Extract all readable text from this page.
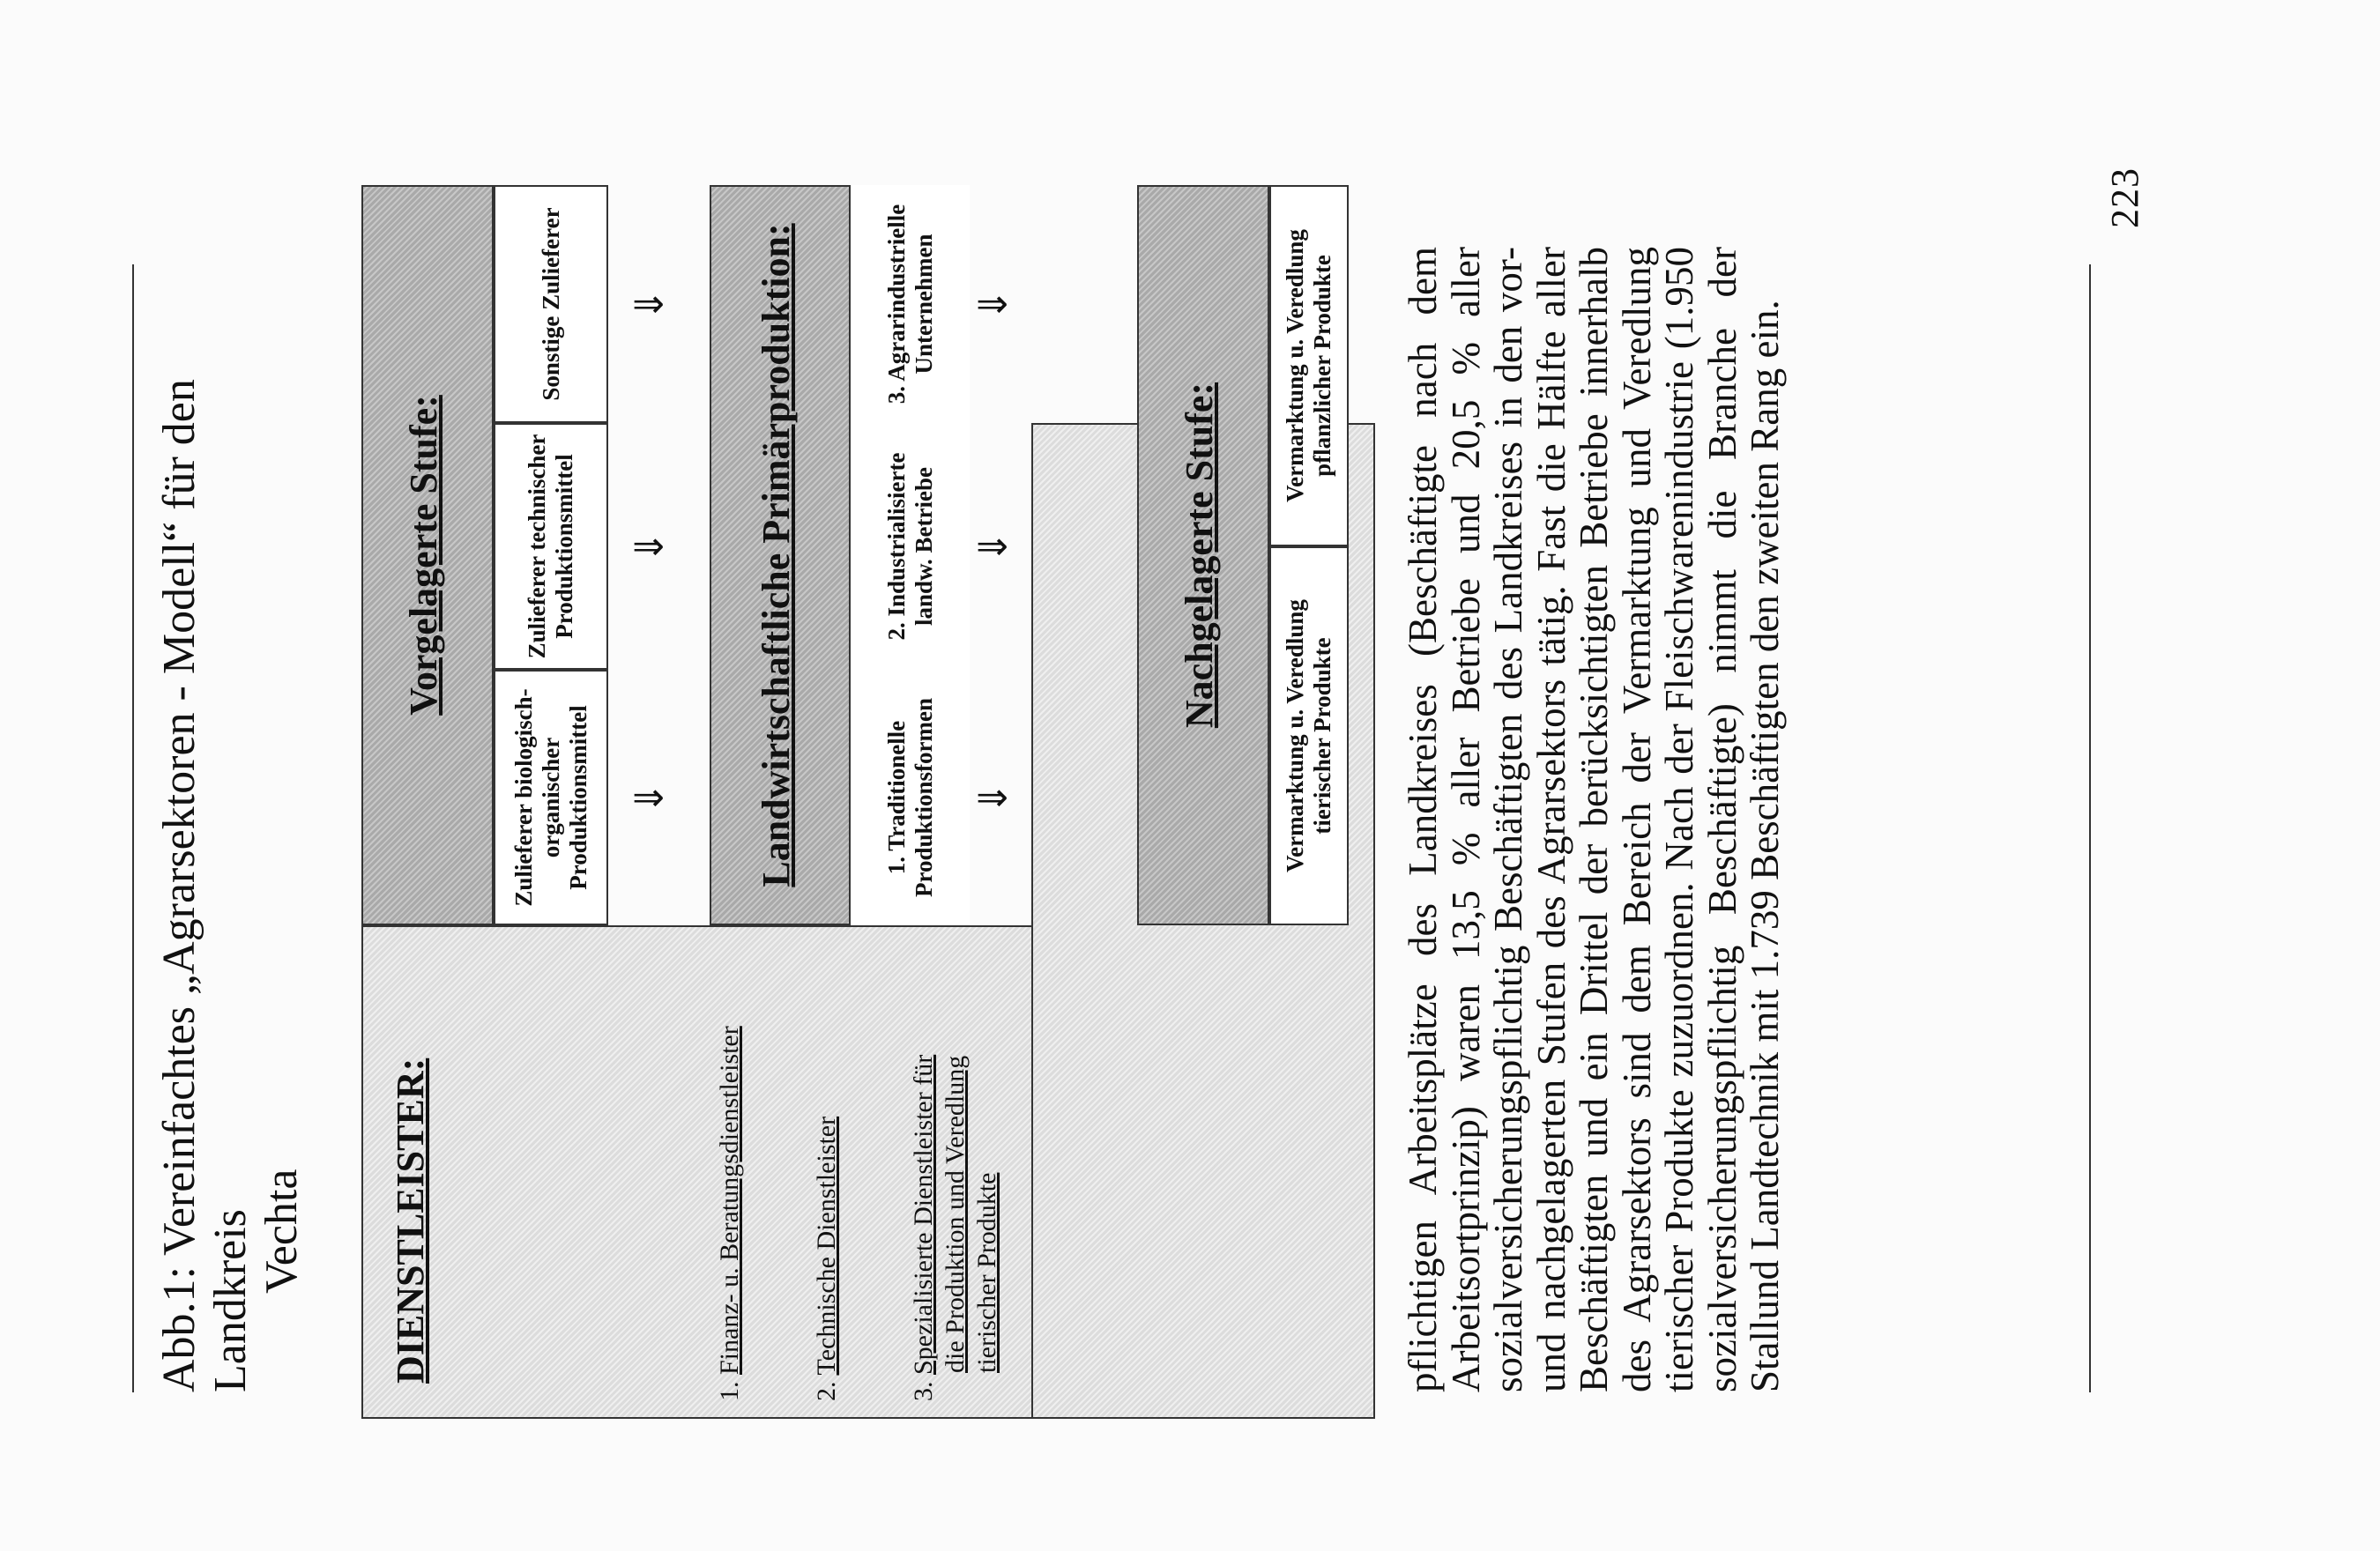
Abb.1: Vereinfachtes „Agrarsektoren - Modell“ für den Landkreis Vechta DIENSTLEISTER:
Vorgelagerte Stufe:
Zulieferer biologisch-organischer Produktionsmittel
Zulieferer technischer Produktionsmittel
Sonstige Zulieferer
⇒
⇒
⇒
1. Finanz- u. Beratungsdienstleister
2. Technische Dienstleister
3. Spezialisierte Dienstleister für die Produktion und Veredlung tierischer Produkte
Landwirtschaftliche Primärproduktion:	1. Traditionelle Produktionsformen
2. Industrialisierte landw. Betriebe
3. Agrarindustrielle Unternehmen
⇒
⇒
⇒
Nachgelagerte Stufe:
Vermarktung u. Veredlung tierischer Produkte
Vermarktung u. Veredlung pflanzlicher Produkte	pflichtigen Arbeitsplätze des Landkreises (Beschäftigte nach dem Arbeitsortprinzip) waren 13,5 % aller Betriebe und 20,5 % aller sozialversicherungspflichtig Beschäftigten des Landkreises in den vor- und nachgelagerten Stufen des Agrarsektors tätig. Fast die Hälfte aller Beschäftigten und ein Drittel der berücksichtigten Betriebe innerhalb des Agrarsektors sind dem Bereich der Vermarktung und Veredlung tierischer Produkte zuzuordnen. Nach der Fleischwarenindustrie (1.950 sozialversicherungspflichtig Beschäftigte) nimmt die Branche der Stallund Landtechnik mit 1.739 Beschäftigten den zweiten Rang ein.
223
